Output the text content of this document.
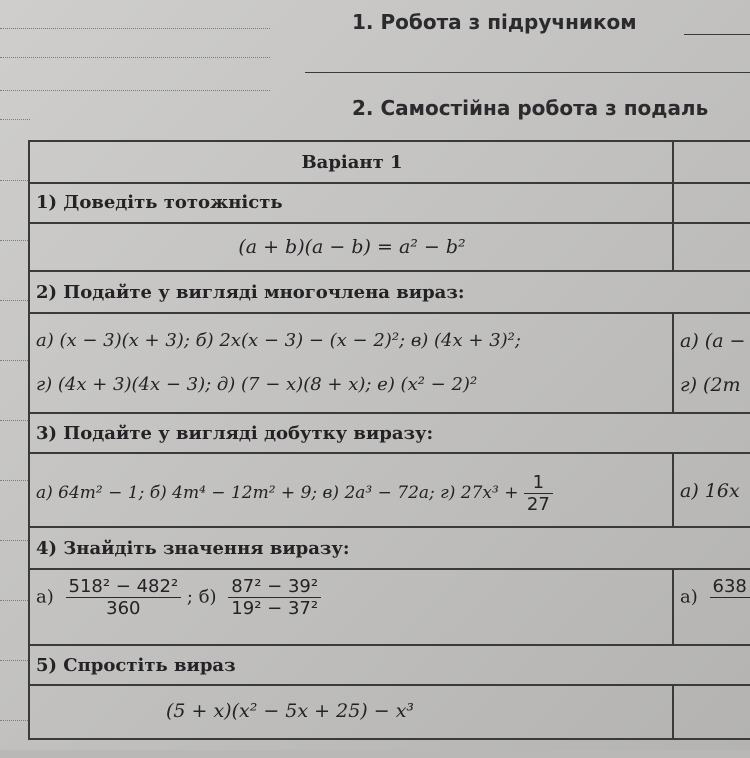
1. Робота з підручником
2. Самостійна робота з подаль
Варіант 1
1) Доведіть тотожність
(a + b)(a − b) = a² − b²
2) Подайте у вигляді многочлена вираз:
а) (x − 3)(x + 3); б) 2x(x − 3) − (x − 2)²; в) (4x + 3)²;
г) (4x + 3)(4x − 3); д) (7 − x)(8 + x); е) (x² − 2)²
а) (a −
г) (2m
3) Подайте у вигляді добутку виразу:
а) 64m² − 1; б) 4m⁴ − 12m² + 9; в) 2a³ − 72a; г) $27x^3 + \frac{1}{27}$	а) 16x
4) Знайдіть значення виразу:
$а) \frac{\text{518² − 482²}}{360}$ ; $б) \frac{\text{87² − 39²}}{\text{19² − 37²}}$	а) 638

5) Спростіть вираз
(5 + x)(x² − 5x + 25) − x³
